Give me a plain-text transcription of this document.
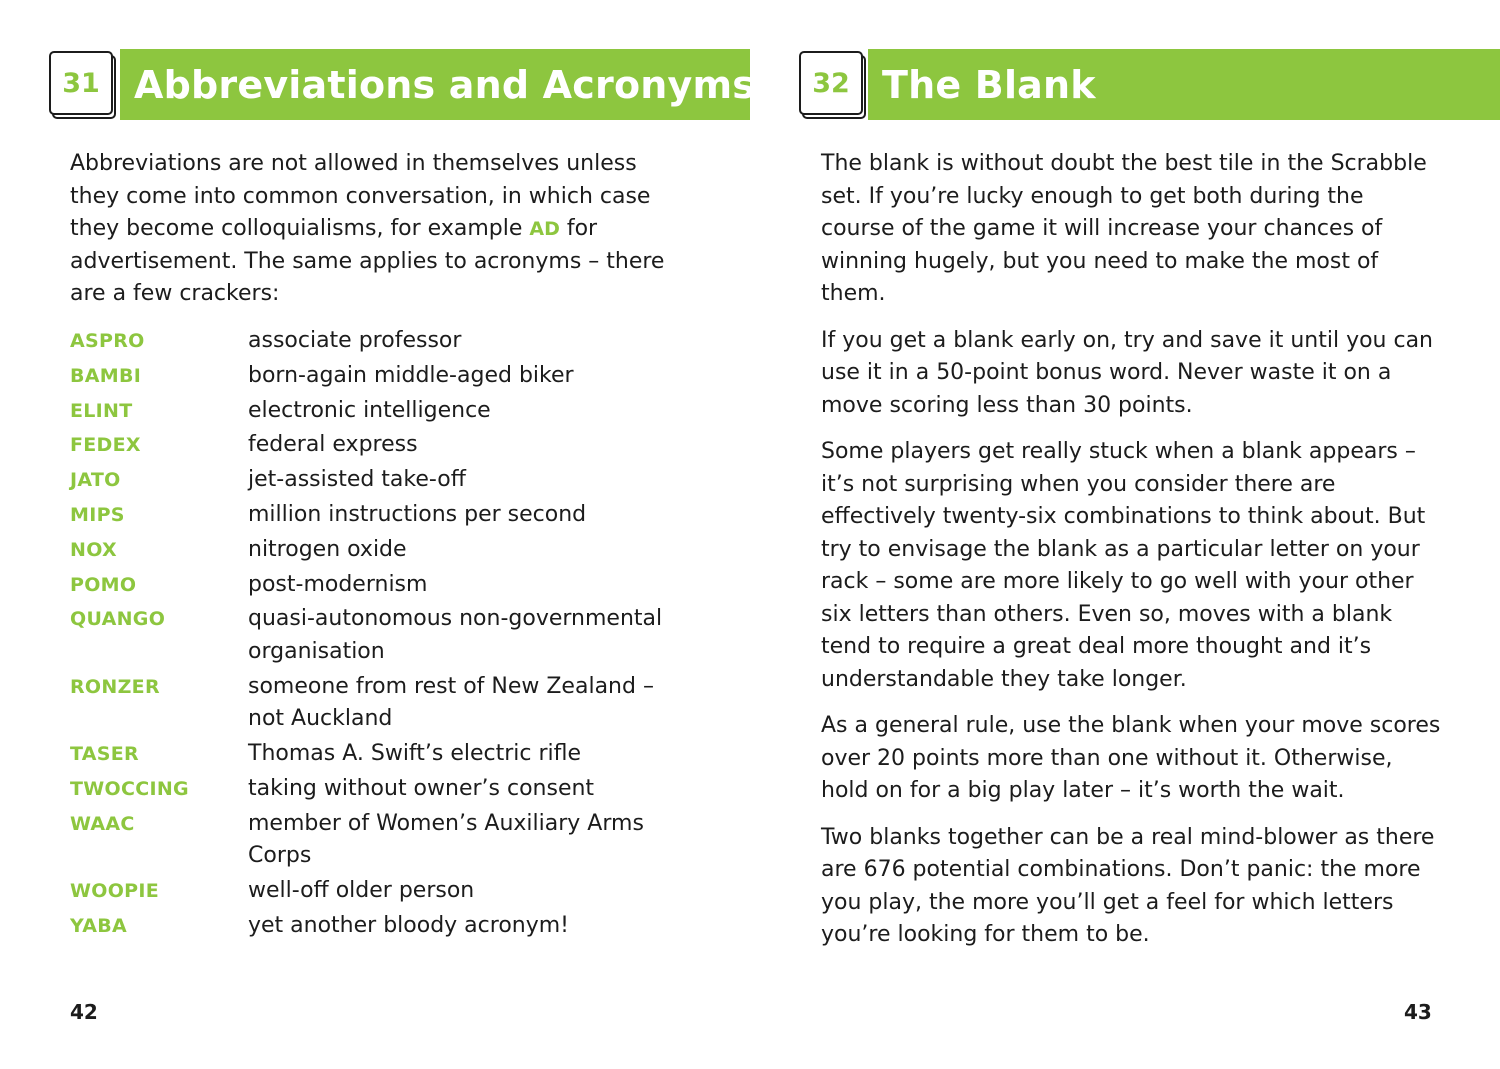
Abbreviations and Acronyms
31

Abbreviations are not allowed in themselves unless they come into common conversation, in which case they become colloquialisms, for example AD for advertisement. The same applies to acronyms – there are a few crackers:

ASPRO	associate professor
BAMBI	born-again middle-aged biker
ELINT	electronic intelligence
FEDEX	federal express
JATO	jet-assisted take-off
MIPS	million instructions per second
NOX	nitrogen oxide
POMO	post-modernism
QUANGO	quasi-autonomous non-governmental organisation
RONZER	someone from rest of New Zealand – not Auckland
TASER	Thomas A. Swift’s electric rifle
TWOCCING	taking without owner’s consent
WAAC	member of Women’s Auxiliary Arms Corps
WOOPIE	well-off older person
YABA	yet another bloody acronym!
42
The Blank
32

The blank is without doubt the best tile in the Scrabble set. If you’re lucky enough to get both during the course of the game it will increase your chances of winning hugely, but you need to make the most of them.

If you get a blank early on, try and save it until you can use it in a 50-point bonus word. Never waste it on a move scoring less than 30 points.

Some players get really stuck when a blank appears – it’s not surprising when you consider there are effectively twenty-six combinations to think about. But try to envisage the blank as a particular letter on your rack – some are more likely to go well with your other six letters than others. Even so, moves with a blank tend to require a great deal more thought and it’s understandable they take longer.

As a general rule, use the blank when your move scores over 20 points more than one without it. Otherwise, hold on for a big play later – it’s worth the wait.

Two blanks together can be a real mind-blower as there are 676 potential combinations. Don’t panic: the more you play, the more you’ll get a feel for which letters you’re looking for them to be.

43
